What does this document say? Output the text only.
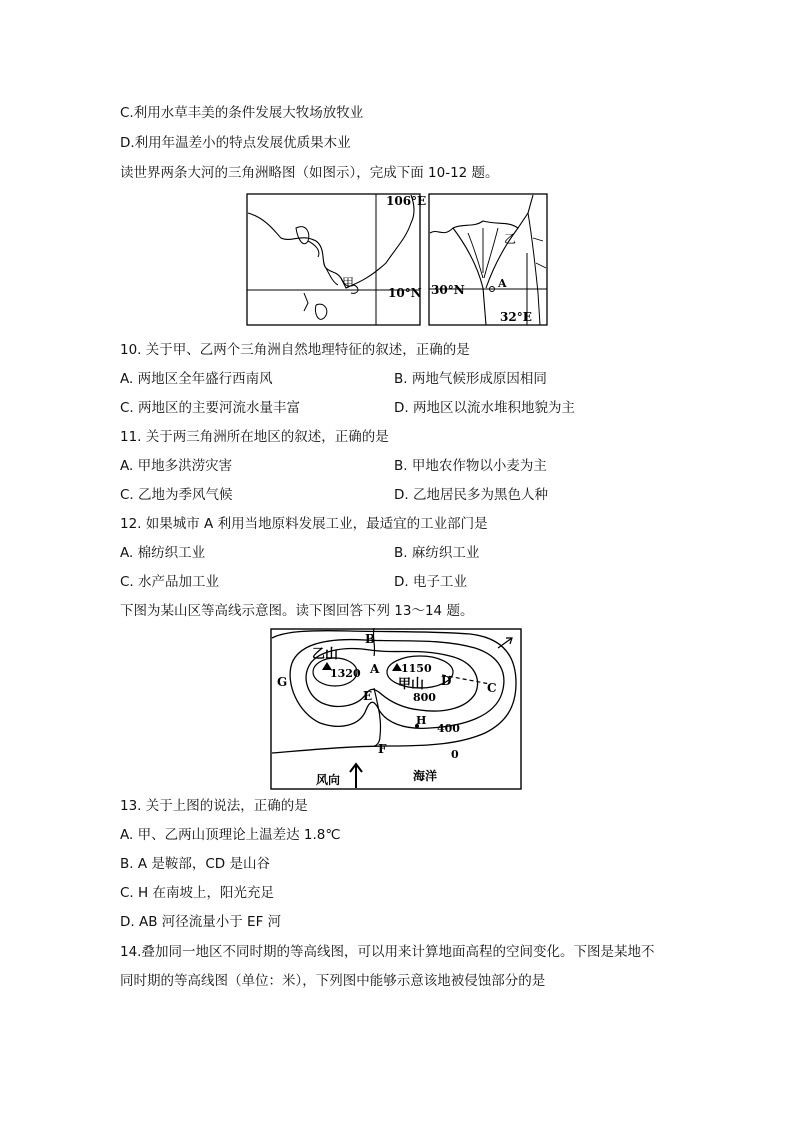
C.利用水草丰美的条件发展大牧场放牧业
D.利用年温差小的特点发展优质果木业
读世界两条大河的三角洲略图（如图示），完成下面 10-12 题。
106°E
10°N
甲	30°N	A
32°E
乙
10. 关于甲、乙两个三角洲自然地理特征的叙述，正确的是
A. 两地区全年盛行西南风	B. 两地气候形成原因相同
C. 两地区的主要河流水量丰富	D. 两地区以流水堆积地貌为主
11. 关于两三角洲所在地区的叙述，正确的是
A. 甲地多洪涝灾害	B. 甲地农作物以小麦为主
C. 乙地为季风气候	D. 乙地居民多为黑色人种
12. 如果城市 A 利用当地原料发展工业，最适宜的工业部门是
A. 棉纺织工业	B. 麻纺织工业
C. 水产品加工业	D. 电子工业
下图为某山区等高线示意图。读下图回答下列 13～14 题。
乙山
1320	1150
甲山
800
400
0
A
B
C
D
E
F
G
H
风向	海洋
13. 关于上图的说法，正确的是
A. 甲、乙两山顶理论上温差达 1.8℃
B. A 是鞍部，CD 是山谷
C. H 在南坡上，阳光充足
D. AB 河径流量小于 EF 河
14.叠加同一地区不同时期的等高线图，可以用来计算地面高程的空间变化。下图是某地不
同时期的等高线图（单位：米），下列图中能够示意该地被侵蚀部分的是
